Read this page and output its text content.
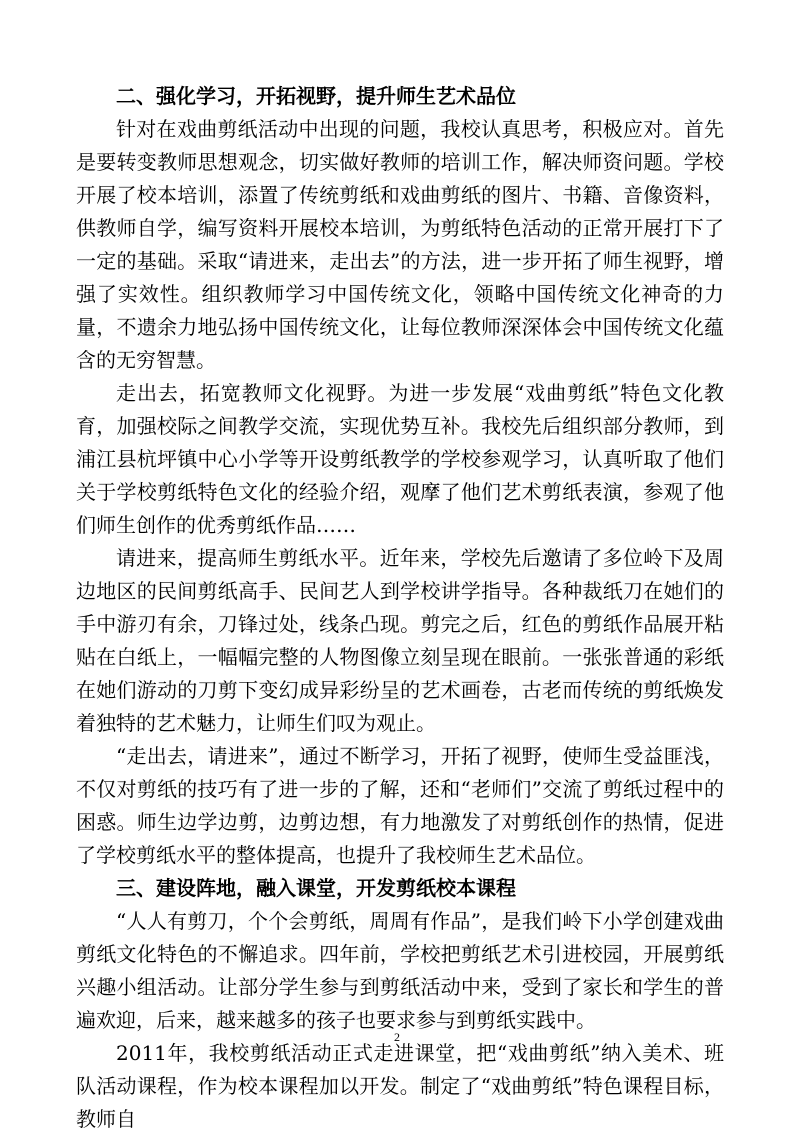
二、强化学习，开拓视野，提升师生艺术品位

针对在戏曲剪纸活动中出现的问题，我校认真思考，积极应对。首先是要转变教师思想观念，切实做好教师的培训工作，解决师资问题。学校开展了校本培训，添置了传统剪纸和戏曲剪纸的图片、书籍、音像资料，供教师自学，编写资料开展校本培训，为剪纸特色活动的正常开展打下了一定的基础。采取“请进来，走出去”的方法，进一步开拓了师生视野，增强了实效性。组织教师学习中国传统文化，领略中国传统文化神奇的力量，不遗余力地弘扬中国传统文化，让每位教师深深体会中国传统文化蕴含的无穷智慧。

走出去，拓宽教师文化视野。为进一步发展“戏曲剪纸”特色文化教育，加强校际之间教学交流，实现优势互补。我校先后组织部分教师，到浦江县杭坪镇中心小学等开设剪纸教学的学校参观学习，认真听取了他们关于学校剪纸特色文化的经验介绍，观摩了他们艺术剪纸表演，参观了他们师生创作的优秀剪纸作品……

请进来，提高师生剪纸水平。近年来，学校先后邀请了多位岭下及周边地区的民间剪纸高手、民间艺人到学校讲学指导。各种裁纸刀在她们的手中游刃有余，刀锋过处，线条凸现。剪完之后，红色的剪纸作品展开粘贴在白纸上，一幅幅完整的人物图像立刻呈现在眼前。一张张普通的彩纸在她们游动的刀剪下变幻成异彩纷呈的艺术画卷，古老而传统的剪纸焕发着独特的艺术魅力，让师生们叹为观止。

“走出去，请进来”，通过不断学习，开拓了视野，使师生受益匪浅，不仅对剪纸的技巧有了进一步的了解，还和“老师们”交流了剪纸过程中的困惑。师生边学边剪，边剪边想，有力地激发了对剪纸创作的热情，促进了学校剪纸水平的整体提高，也提升了我校师生艺术品位。

三、建设阵地，融入课堂，开发剪纸校本课程

“人人有剪刀，个个会剪纸，周周有作品”，是我们岭下小学创建戏曲剪纸文化特色的不懈追求。四年前，学校把剪纸艺术引进校园，开展剪纸兴趣小组活动。让部分学生参与到剪纸活动中来，受到了家长和学生的普遍欢迎，后来，越来越多的孩子也要求参与到剪纸实践中。

2011年，我校剪纸活动正式走进课堂，把“戏曲剪纸”纳入美术、班队活动课程，作为校本课程加以开发。制定了“戏曲剪纸”特色课程目标，教师自

2
